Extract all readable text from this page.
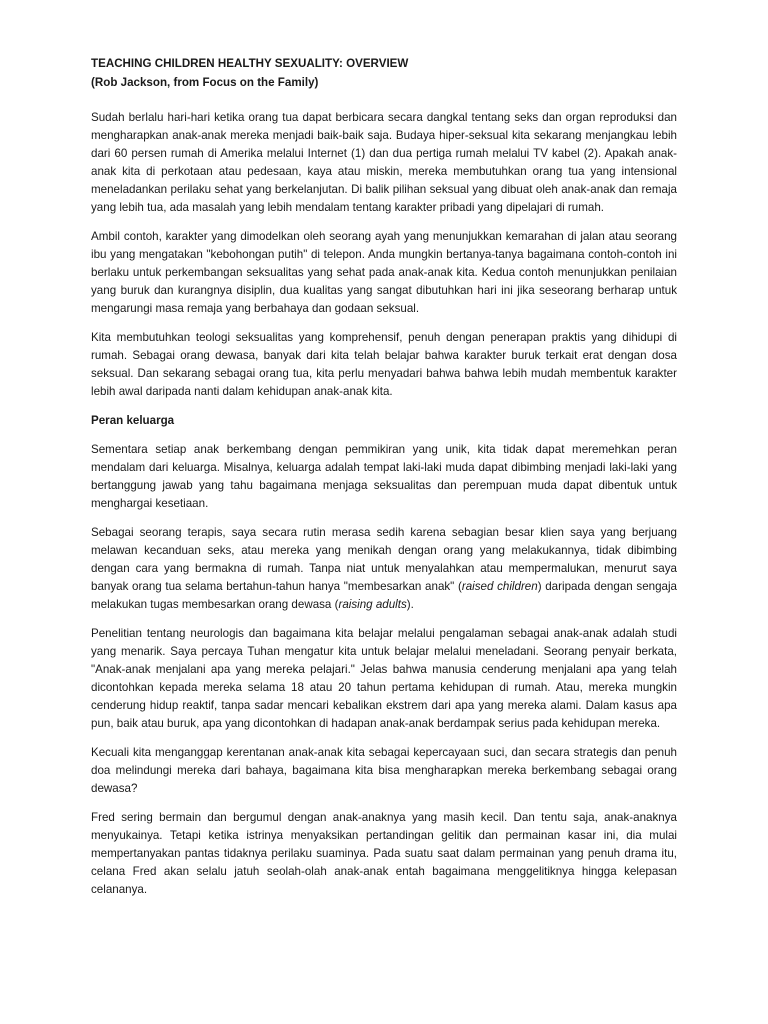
TEACHING CHILDREN HEALTHY SEXUALITY: OVERVIEW

(Rob Jackson, from Focus on the Family)

Sudah berlalu hari-hari ketika orang tua dapat berbicara secara dangkal tentang seks dan organ reproduksi dan mengharapkan anak-anak mereka menjadi baik-baik saja. Budaya hiper-seksual kita sekarang menjangkau lebih dari 60 persen rumah di Amerika melalui Internet (1) dan dua pertiga rumah melalui TV kabel (2). Apakah anak-anak kita di perkotaan atau pedesaan, kaya atau miskin, mereka membutuhkan orang tua yang intensional meneladankan perilaku sehat yang berkelanjutan. Di balik pilihan seksual yang dibuat oleh anak-anak dan remaja yang lebih tua, ada masalah yang lebih mendalam tentang karakter pribadi yang dipelajari di rumah.

Ambil contoh, karakter yang dimodelkan oleh seorang ayah yang menunjukkan kemarahan di jalan atau seorang ibu yang mengatakan "kebohongan putih" di telepon. Anda mungkin bertanya-tanya bagaimana contoh-contoh ini berlaku untuk perkembangan seksualitas yang sehat pada anak-anak kita. Kedua contoh menunjukkan penilaian yang buruk dan kurangnya disiplin, dua kualitas yang sangat dibutuhkan hari ini jika seseorang berharap untuk mengarungi masa remaja yang berbahaya dan godaan seksual.

Kita membutuhkan teologi seksualitas yang komprehensif, penuh dengan penerapan praktis yang dihidupi di rumah. Sebagai orang dewasa, banyak dari kita telah belajar bahwa karakter buruk terkait erat dengan dosa seksual. Dan sekarang sebagai orang tua, kita perlu menyadari bahwa bahwa lebih mudah membentuk karakter lebih awal daripada nanti dalam kehidupan anak-anak kita.

Peran keluarga

Sementara setiap anak berkembang dengan pemmikiran yang unik, kita tidak dapat meremehkan peran mendalam dari keluarga. Misalnya, keluarga adalah tempat laki-laki muda dapat dibimbing menjadi laki-laki yang bertanggung jawab yang tahu bagaimana menjaga seksualitas dan perempuan muda dapat dibentuk untuk menghargai kesetiaan.

Sebagai seorang terapis, saya secara rutin merasa sedih karena sebagian besar klien saya yang berjuang melawan kecanduan seks, atau mereka yang menikah dengan orang yang melakukannya, tidak dibimbing dengan cara yang bermakna di rumah. Tanpa niat untuk menyalahkan atau mempermalukan, menurut saya banyak orang tua selama bertahun-tahun hanya "membesarkan anak" (raised children) daripada dengan sengaja melakukan tugas membesarkan orang dewasa (raising adults).

Penelitian tentang neurologis dan bagaimana kita belajar melalui pengalaman sebagai anak-anak adalah studi yang menarik. Saya percaya Tuhan mengatur kita untuk belajar melalui meneladani. Seorang penyair berkata, "Anak-anak menjalani apa yang mereka pelajari." Jelas bahwa manusia cenderung menjalani apa yang telah dicontohkan kepada mereka selama 18 atau 20 tahun pertama kehidupan di rumah. Atau, mereka mungkin cenderung hidup reaktif, tanpa sadar mencari kebalikan ekstrem dari apa yang mereka alami. Dalam kasus apa pun, baik atau buruk, apa yang dicontohkan di hadapan anak-anak berdampak serius pada kehidupan mereka.

Kecuali kita menganggap kerentanan anak-anak kita sebagai kepercayaan suci, dan secara strategis dan penuh doa melindungi mereka dari bahaya, bagaimana kita bisa mengharapkan mereka berkembang sebagai orang dewasa?

Fred sering bermain dan bergumul dengan anak-anaknya yang masih kecil. Dan tentu saja, anak-anaknya menyukainya. Tetapi ketika istrinya menyaksikan pertandingan gelitik dan permainan kasar ini, dia mulai mempertanyakan pantas tidaknya perilaku suaminya. Pada suatu saat dalam permainan yang penuh drama itu, celana Fred akan selalu jatuh seolah-olah anak-anak entah bagaimana menggelitiknya hingga kelepasan celananya.
